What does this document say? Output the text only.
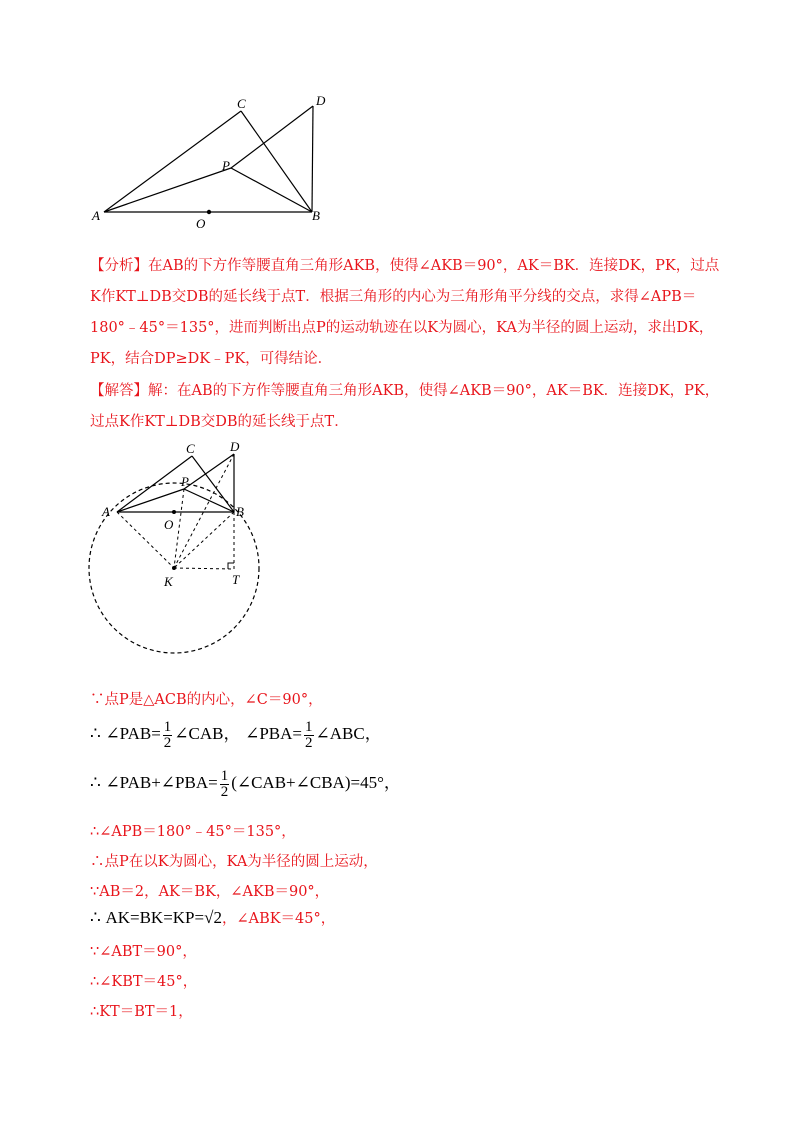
A	B
C	D
P
O
【分析】在AB的下方作等腰直角三角形AKB，使得∠AKB＝90°，AK＝BK．连接DK，PK，过点K作KT⊥DB交DB的延长线于点T．根据三角形的内心为三角形角平分线的交点，求得∠APB＝180°﹣45°＝135°，进而判断出点P的运动轨迹在以K为圆心，KA为半径的圆上运动，求出DK，PK，结合DP≥DK﹣PK，可得结论．
【解答】解：在AB的下方作等腰直角三角形AKB，使得∠AKB＝90°，AK＝BK．连接DK，PK，过点K作KT⊥DB交DB的延长线于点T．
A	B
C	D
P
O
K	T
∵点P是△ACB的内心，∠C＝90°，
∴ ∠PAB= $\frac{1}{2}$ ∠CAB， ∠PBA= $\frac{1}{2}$ ∠ABC，
∴ ∠PAB+∠PBA= $\frac{1}{2}$ (∠CAB+∠CBA)=45°，
∴∠APB＝180°﹣45°＝135°，
∴点P在以K为圆心，KA为半径的圆上运动，
∵AB＝2，AK＝BK，∠AKB＝90°，
∴ AK=BK=KP=√2，∠ABK＝45°，
∵∠ABT＝90°，
∴∠KBT＝45°，
∴KT＝BT＝1，
